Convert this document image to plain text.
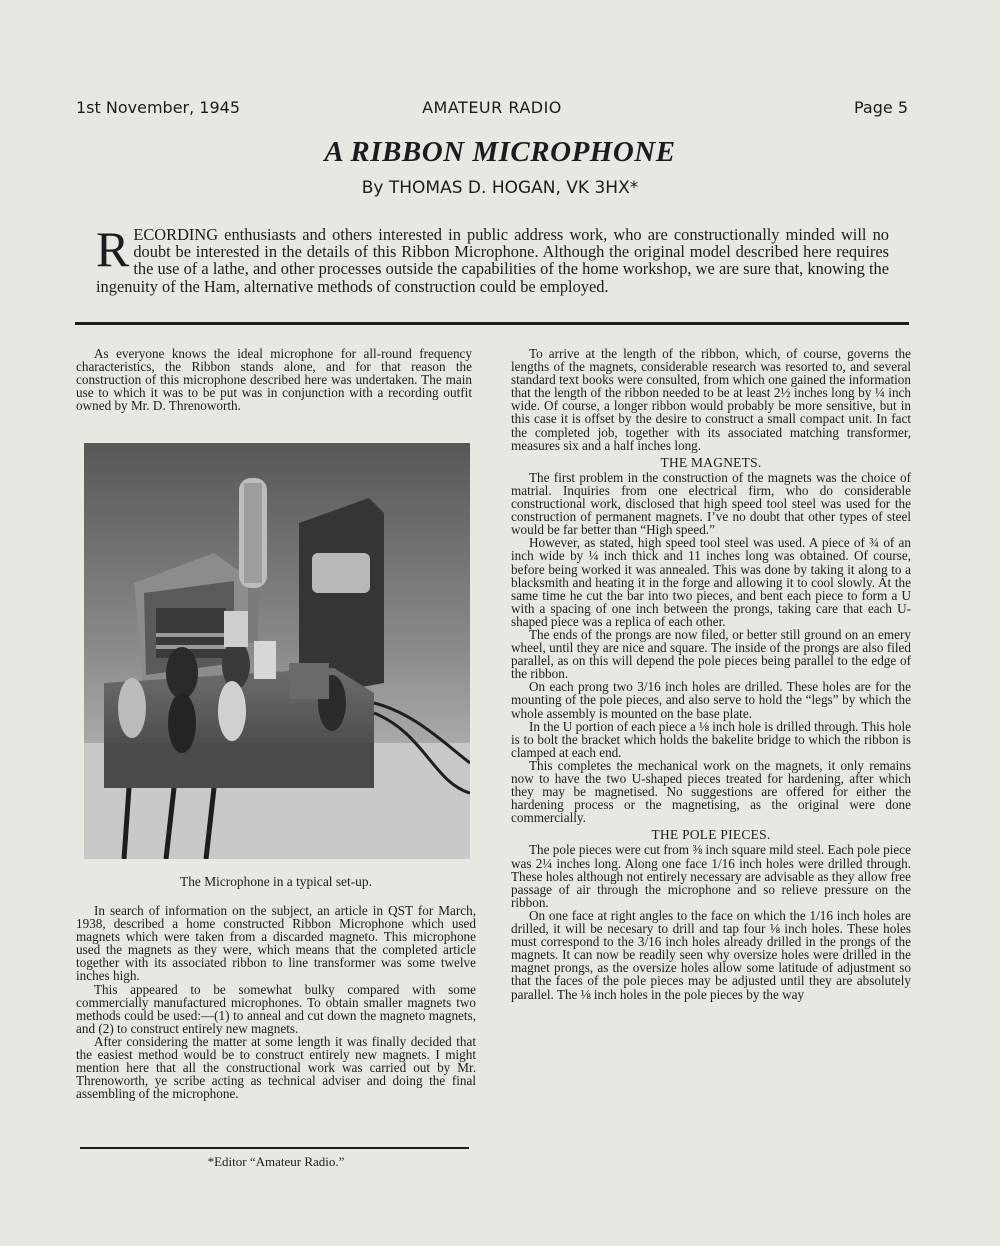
1st November, 1945	AMATEUR RADIO	Page 5
A RIBBON MICROPHONE
By THOMAS D. HOGAN, VK 3HX*
R ECORDING enthusiasts and others interested in public address work, who are constructionally minded will no doubt be interested in the details of this Ribbon Microphone. Although the original model described here requires the use of a lathe, and other processes outside the capabilities of the home workshop, we are sure that, knowing the ingenuity of the Ham, alternative methods of construction could be employed.

As everyone knows the ideal microphone for all-round frequency characteristics, the Ribbon stands alone, and for that reason the construction of this microphone described here was undertaken. The main use to which it was to be put was in conjunction with a recording outfit owned by Mr. D. Threnoworth.

The Microphone in a typical set-up.

In search of information on the subject, an article in QST for March, 1938, described a home constructed Ribbon Microphone which used magnets which were taken from a discarded magneto. This microphone used the magnets as they were, which means that the completed article together with its associated ribbon to line transformer was some twelve inches high.

This appeared to be somewhat bulky compared with some commercially manufactured microphones. To obtain smaller magnets two methods could be used:—(1) to anneal and cut down the magneto magnets, and (2) to construct entirely new magnets.

After considering the matter at some length it was finally decided that the easiest method would be to construct entirely new magnets. I might mention here that all the constructional work was carried out by Mr. Threnoworth, ye scribe acting as technical adviser and doing the final assembling of the microphone.

*Editor “Amateur Radio.”

To arrive at the length of the ribbon, which, of course, governs the lengths of the magnets, considerable research was resorted to, and several standard text books were consulted, from which one gained the information that the length of the ribbon needed to be at least 2½ inches long by ¼ inch wide. Of course, a longer ribbon would probably be more sensitive, but in this case it is offset by the desire to construct a small compact unit. In fact the completed job, together with its associated matching transformer, measures six and a half inches long.

THE MAGNETS.

The first problem in the construction of the magnets was the choice of matrial. Inquiries from one electrical firm, who do considerable constructional work, disclosed that high speed tool steel was used for the construction of permanent magnets. I’ve no doubt that other types of steel would be far better than “High speed.”

However, as stated, high speed tool steel was used. A piece of ¾ of an inch wide by ¼ inch thick and 11 inches long was obtained. Of course, before being worked it was annealed. This was done by taking it along to a blacksmith and heating it in the forge and allowing it to cool slowly. At the same time he cut the bar into two pieces, and bent each piece to form a U with a spacing of one inch between the prongs, taking care that each U-shaped piece was a replica of each other.

The ends of the prongs are now filed, or better still ground on an emery wheel, until they are nice and square. The inside of the prongs are also filed parallel, as on this will depend the pole pieces being parallel to the edge of the ribbon.

On each prong two 3/16 inch holes are drilled. These holes are for the mounting of the pole pieces, and also serve to hold the “legs” by which the whole assembly is mounted on the base plate.

In the U portion of each piece a ⅛ inch hole is drilled through. This hole is to bolt the bracket which holds the bakelite bridge to which the ribbon is clamped at each end.

This completes the mechanical work on the magnets, it only remains now to have the two U-shaped pieces treated for hardening, after which they may be magnetised. No suggestions are offered for either the hardening process or the magnetising, as the original were done commercially.

THE POLE PIECES.

The pole pieces were cut from ⅜ inch square mild steel. Each pole piece was 2¼ inches long. Along one face 1/16 inch holes were drilled through. These holes although not entirely necessary are advisable as they allow free passage of air through the microphone and so relieve pressure on the ribbon.

On one face at right angles to the face on which the 1/16 inch holes are drilled, it will be necesary to drill and tap four ⅛ inch holes. These holes must correspond to the 3/16 inch holes already drilled in the prongs of the magnets. It can now be readily seen why oversize holes were drilled in the magnet prongs, as the oversize holes allow some latitude of adjustment so that the faces of the pole pieces may be adjusted until they are absolutely parallel. The ⅛ inch holes in the pole pieces by the way
